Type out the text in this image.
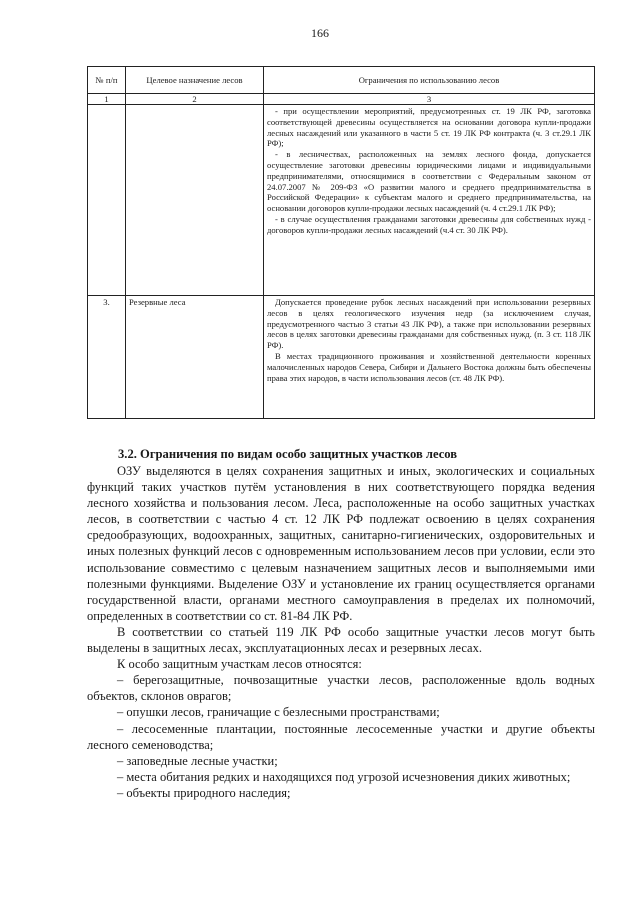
166
№ п/п	Целевое назначение лесов	Ограничения по использованию лесов
1	2	3

		- при осуществлении мероприятий, предусмотренных ст. 19 ЛК РФ, заготовка соответствующей древесины осуществляется на основании договора купли-продажи лесных насаждений или указанного в части 5 ст. 19 ЛК РФ контракта (ч. 3 ст.29.1 ЛК РФ);

- в лесничествах, расположенных на землях лесного фонда, допускается осуществление заготовки древесины юридическими лицами и индивидуальными предпринимателями, относящимися в соответствии с Федеральным законом от 24.07.2007 № 209-ФЗ «О развитии малого и среднего предпринимательства в Российской Федерации» к субъектам малого и среднего предпринимательства, на основании договоров купли-продажи лесных насаждений (ч. 4 ст.29.1 ЛК РФ);

- в случае осуществления гражданами заготовки древесины для собственных нужд - договоров купли-продажи лесных насаждений (ч.4 ст. 30 ЛК РФ).

3.	Резервные леса	Допускается проведение рубок лесных насаждений при использовании резервных лесов в целях геологического изучения недр (за исключением случая, предусмотренного частью 3 статьи 43 ЛК РФ), а также при использовании резервных лесов в целях заготовки древесины гражданами для собственных нужд. (п. 3 ст. 118 ЛК РФ).

В местах традиционного проживания и хозяйственной деятельности коренных малочисленных народов Севера, Сибири и Дальнего Востока должны быть обеспечены права этих народов, в части использования лесов (ст. 48 ЛК РФ).

3.2. Ограничения по видам особо защитных участков лесов

ОЗУ выделяются в целях сохранения защитных и иных, экологических и социальных функций таких участков путём установления в них соответствующего порядка ведения лесного хозяйства и пользования лесом. Леса, расположенные на особо защитных участках лесов, в соответствии с частью 4 ст. 12 ЛК РФ подлежат освоению в целях сохранения средообразующих, водоохранных, защитных, санитарно-гигиенических, оздоровительных и иных полезных функций лесов с одновременным использованием лесов при условии, если это использование совместимо с целевым назначением защитных лесов и выполняемыми ими полезными функциями. Выделение ОЗУ и установление их границ осуществляется органами государственной власти, органами местного самоуправления в пределах их полномочий, определенных в соответствии со ст. 81-84 ЛК РФ.

В соответствии со статьей 119 ЛК РФ особо защитные участки лесов могут быть выделены в защитных лесах, эксплуатационных лесах и резервных лесах.

К особо защитным участкам лесов относятся:

– берегозащитные, почвозащитные участки лесов, расположенные вдоль водных объектов, склонов оврагов;

– опушки лесов, граничащие с безлесными пространствами;

– лесосеменные плантации, постоянные лесосеменные участки и другие объекты лесного семеноводства;

– заповедные лесные участки;

– места обитания редких и находящихся под угрозой исчезновения диких животных;

– объекты природного наследия;
